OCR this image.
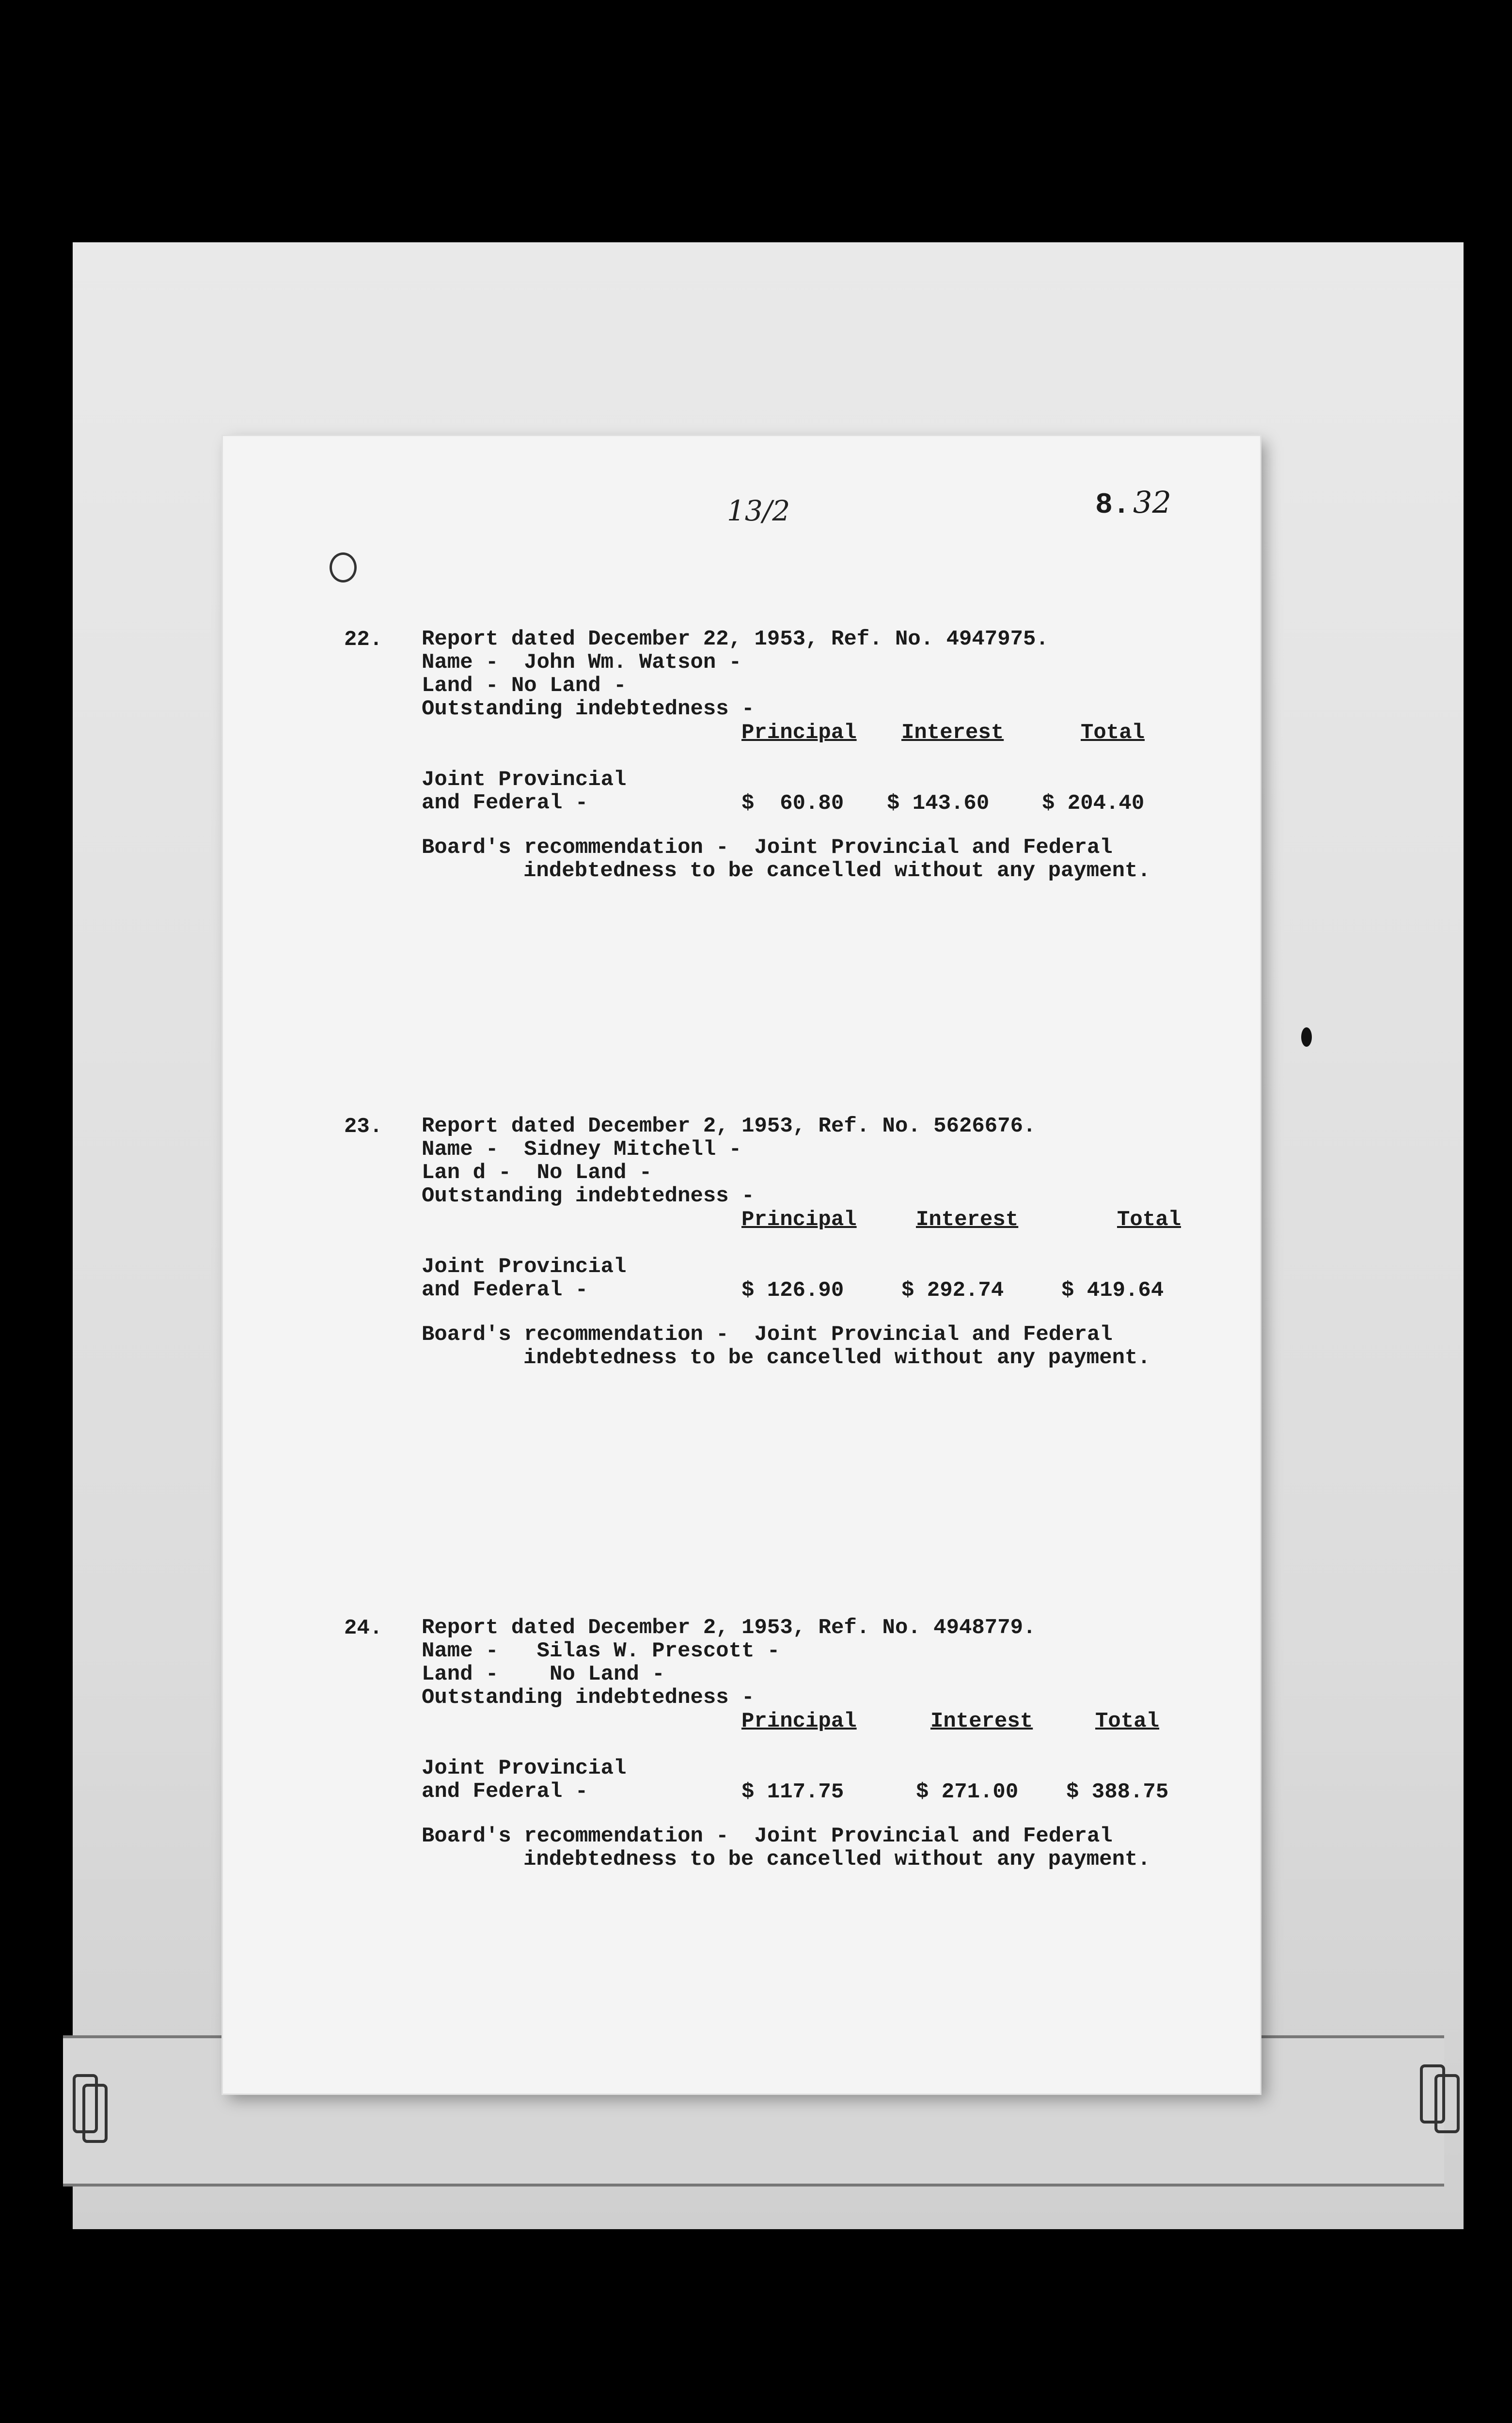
13/2	8.32
22. Report dated December 22, 1953, Ref. No. 4947975.
Name -  John Wm. Watson -
Land - No Land -
Outstanding indebtedness -
Principal Interest	Total
Joint Provincial
and Federal -	$  60.80 $ 143.60 $ 204.40
Board's recommendation -  Joint Provincial and Federal
indebtedness to be cancelled without any payment.
23. Report dated December 2, 1953, Ref. No. 5626676.
Name -  Sidney Mitchell -
Lan d -  No Land -
Outstanding indebtedness -
Principal	Interest	Total
Joint Provincial
and Federal -	$ 126.90	$ 292.74	$ 419.64
Board's recommendation -  Joint Provincial and Federal
indebtedness to be cancelled without any payment.
24. Report dated December 2, 1953, Ref. No. 4948779.
Name -   Silas W. Prescott -
Land -    No Land -
Outstanding indebtedness -
Principal	Interest	Total
Joint Provincial
and Federal -	$ 117.75	$ 271.00 $ 388.75
Board's recommendation -  Joint Provincial and Federal
indebtedness to be cancelled without any payment.
